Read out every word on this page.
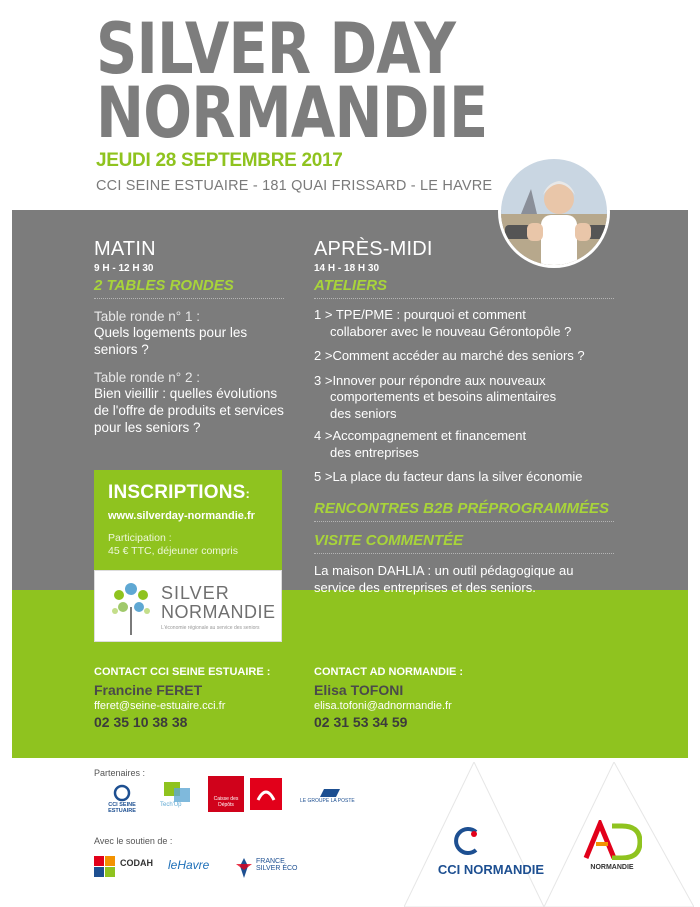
SILVER DAY
NORMANDIE
JEUDI 28 SEPTEMBRE 2017
CCI SEINE ESTUAIRE - 181 QUAI FRISSARD - LE HAVRE
MATIN
9 H - 12 H 30
2 TABLES RONDES
Table ronde n° 1 :
Quels logements pour les seniors ?
Table ronde n° 2 :
Bien vieillir : quelles évolutions de l'offre de produits et services pour les seniors ?
APRÈS-MIDI
14 H - 18 H 30
ATELIERS
1 > TPE/PME : pourquoi et comment
collaborer avec le nouveau Gérontopôle ?
2 >Comment accéder au marché des seniors ?
3 >Innover pour répondre aux nouveaux
comportements et besoins alimentaires
des seniors
4 >Accompagnement et financement
des entreprises
5 >La place du facteur dans la silver économie
RENCONTRES B2B PRÉPROGRAMMÉES
VISITE COMMENTÉE
La maison DAHLIA : un outil pédagogique au service des entreprises et des seniors.
INSCRIPTIONS:
www.silverday-normandie.fr
Participation :
45 € TTC, déjeuner compris
SILVER
NORMANDIE
L'économie régionale au service des seniors
CONTACT CCI SEINE ESTUAIRE :
Francine FERET
fferet@seine-estuaire.cci.fr
02 35 10 38 38
CONTACT AD NORMANDIE :
Elisa TOFONI
elisa.tofoni@adnormandie.fr
02 31 53 34 59
Partenaires :
CCI SEINE ESTUAIRE
Tech'Up
Caisse des Dépôts
LE GROUPE LA POSTE
Avec le soutien de :
CODAH leHavre	FRANCE SILVER ÉCO	CCI NORMANDIE	NORMANDIE
